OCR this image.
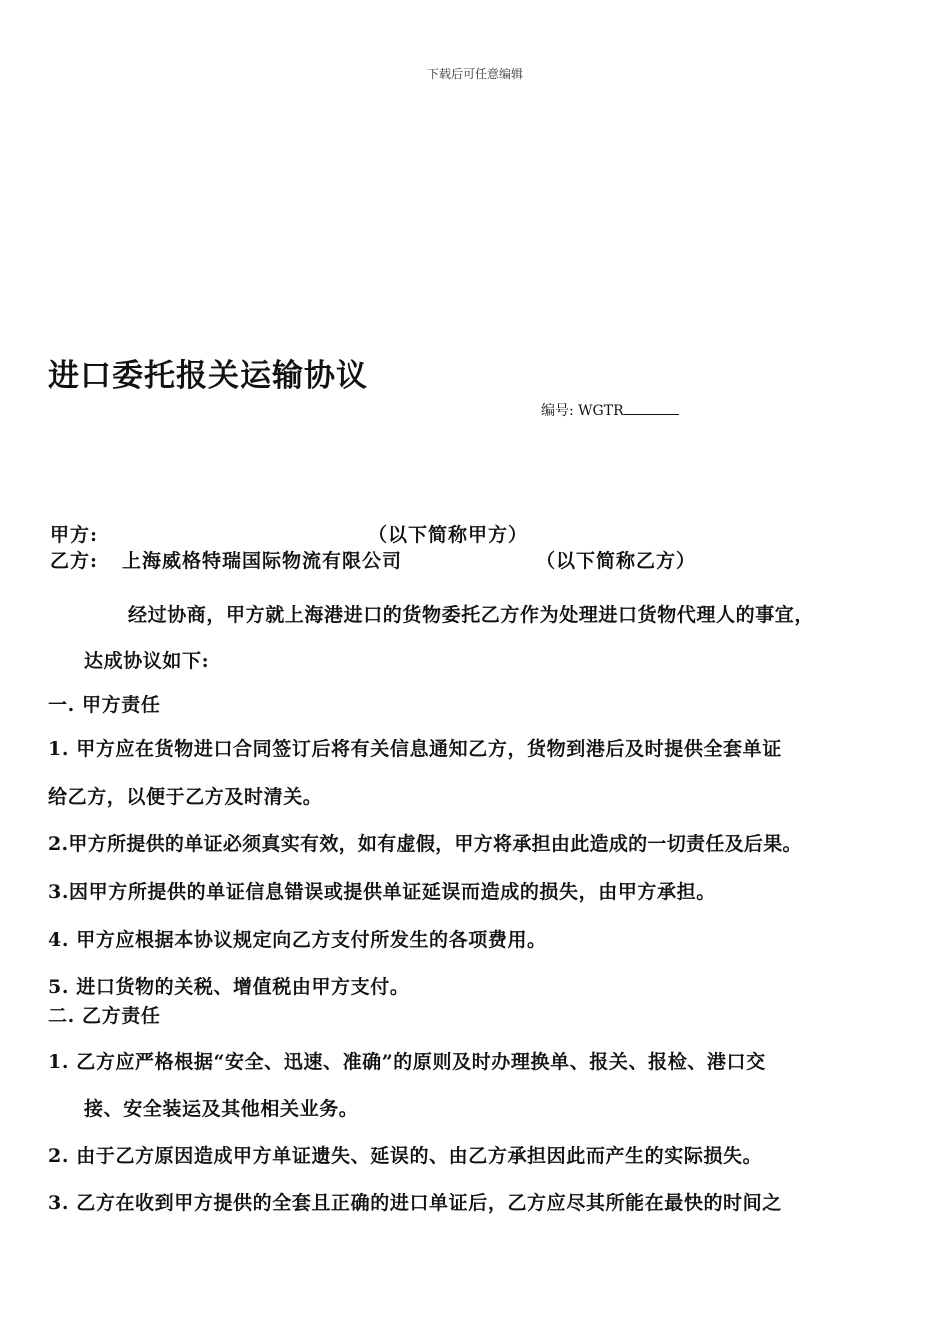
下载后可任意编辑
进口委托报关运输协议
编号: WGTR
甲方:	（以下简称甲方）
乙方: 上海威格特瑞国际物流有限公司	（以下简称乙方）
经过协商，甲方就上海港进口的货物委托乙方作为处理进口货物代理人的事宜，
达成协议如下:
一. 甲方责任
1. 甲方应在货物进口合同签订后将有关信息通知乙方，货物到港后及时提供全套单证
给乙方，以便于乙方及时清关。
2.甲方所提供的单证必须真实有效，如有虚假，甲方将承担由此造成的一切责任及后果。
3.因甲方所提供的单证信息错误或提供单证延误而造成的损失，由甲方承担。
4. 甲方应根据本协议规定向乙方支付所发生的各项费用。
5. 进口货物的关税、增值税由甲方支付。
二. 乙方责任
1. 乙方应严格根据“安全、迅速、准确”的原则及时办理换单、报关、报检、港口交
接、安全装运及其他相关业务。
2. 由于乙方原因造成甲方单证遗失、延误的、由乙方承担因此而产生的实际损失。
3. 乙方在收到甲方提供的全套且正确的进口单证后，乙方应尽其所能在最快的时间之
